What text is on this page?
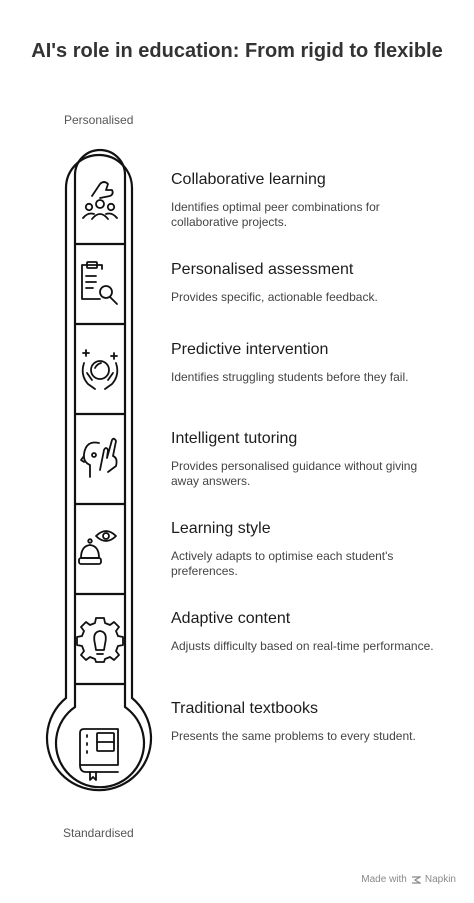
AI's role in education: From rigid to flexible
Personalised
Standardised
Collaborative learning
Identifies optimal peer combinations for collaborative projects.
Personalised assessment
Provides specific, actionable feedback.
Predictive intervention
Identifies struggling students before they fail.
Intelligent tutoring
Provides personalised guidance without giving away answers.
Learning style
Actively adapts to optimise each student's preferences.
Adaptive content
Adjusts difficulty based on real-time performance.
Traditional textbooks
Presents the same problems to every student.
Made with Napkin
